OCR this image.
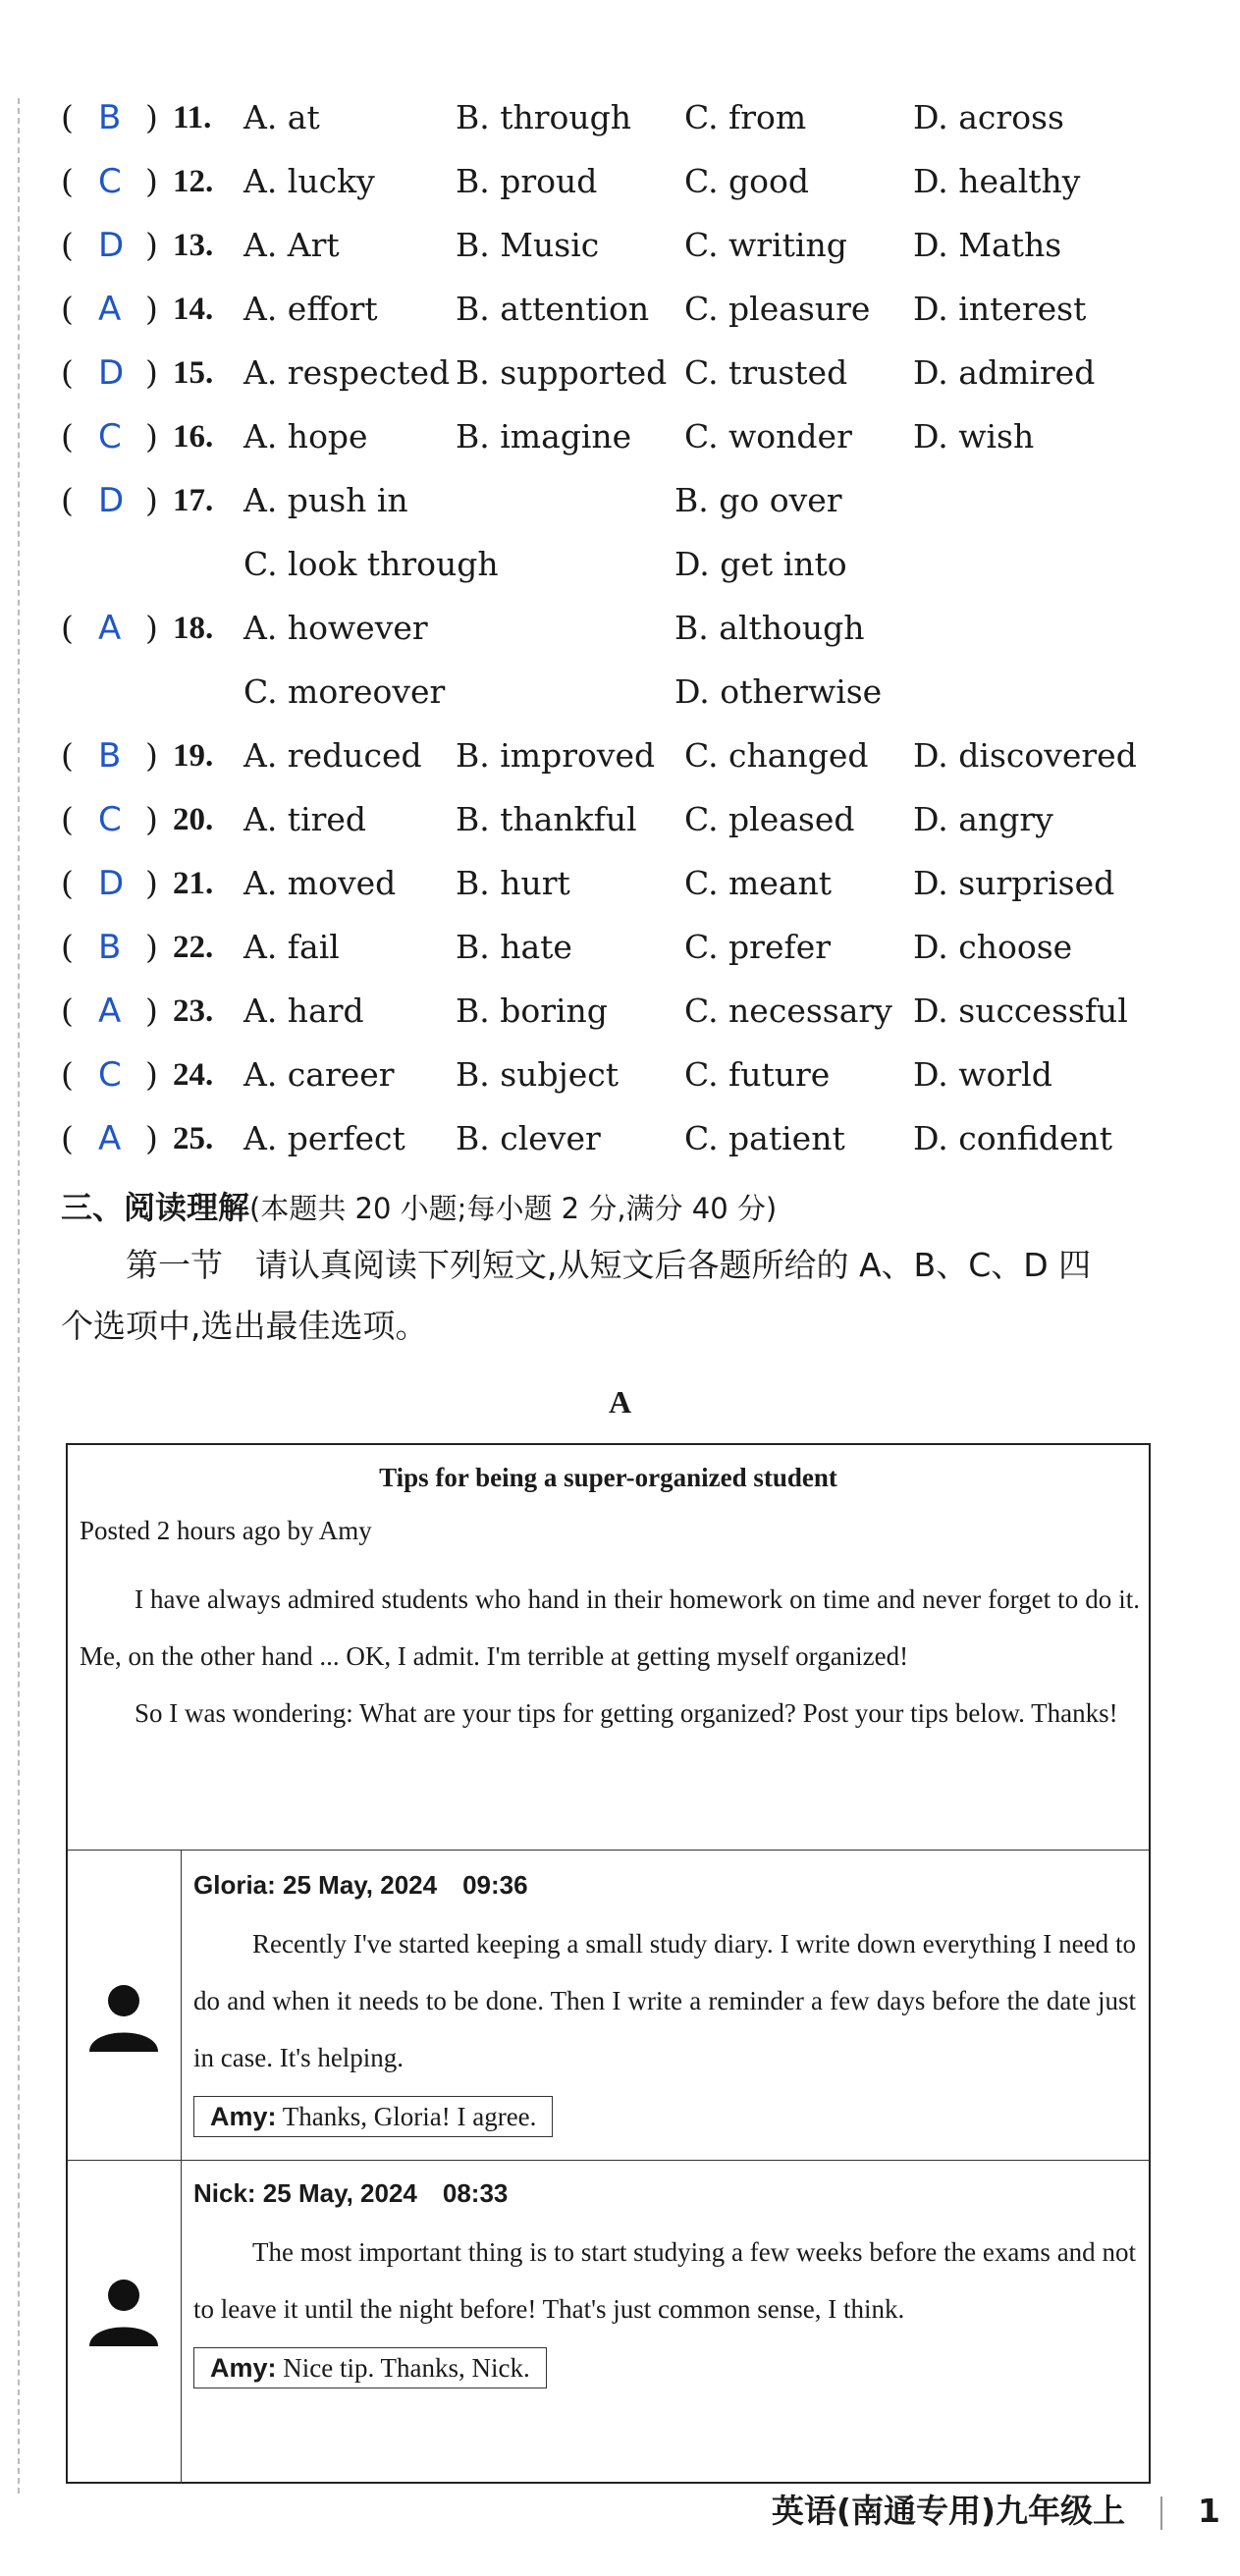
( B ) 11. A. at	B. through C. from	D. across
( C ) 12. A. lucky B. proud	C. good	D. healthy
( D ) 13. A. Art	B. Music	C. writing D. Maths
( A ) 14. A. effort B. attention C. pleasure D. interest
( D ) 15. A. respected B. supported C. trusted D. admired
( C ) 16. A. hope	B. imagine C. wonder D. wish
( D ) 17. A. push in	B. go over
C. look through	D. get into
( A ) 18. A. however	B. although
C. moreover	D. otherwise
( B ) 19. A. reduced B. improved C. changed D. discovered
( C ) 20. A. tired	B. thankful C. pleased D. angry
( D ) 21. A. moved B. hurt	C. meant	D. surprised
( B ) 22. A. fail	B. hate	C. prefer	D. choose
( A ) 23. A. hard	B. boring C. necessary D. successful
( C ) 24. A. career B. subject C. future	D. world
( A ) 25. A. perfect B. clever	C. patient D. confident
三、阅读理解(本题共 20 小题;每小题 2 分,满分 40 分)

第一节　请认真阅读下列短文,从短文后各题所给的 A、B、C、D 四

个选项中,选出最佳选项。

A
Tips for being a super-organized student
Posted 2 hours ago by Amy

I have always admired students who hand in their homework on time and never forget to do it. Me, on the other hand ... OK, I admit. I'm terrible at getting myself organized!

So I was wondering: What are your tips for getting organized? Post your tips below. Thanks!

Gloria: 25 May, 2024　09:36
Recently I've started keeping a small study diary. I write down everything I need to do and when it needs to be done. Then I write a reminder a few days before the date just in case. It's helping.
Amy: Thanks, Gloria! I agree.
Nick: 25 May, 2024　08:33
The most important thing is to start studying a few weeks before the exams and not to leave it until the night before! That's just common sense, I think.
Amy: Nice tip. Thanks, Nick.
英语(南通专用)九年级上 1
